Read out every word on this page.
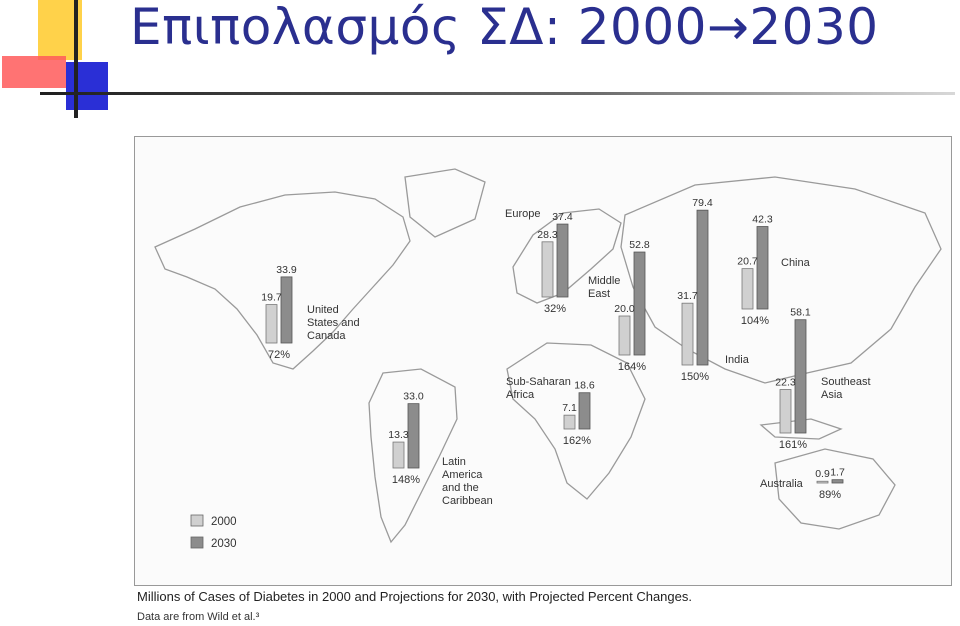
Επιπολασμός ΣΔ: 2000→2030
19.7
33.9
72%
United
States and
Canada
28.3
37.4
32%
Europe
20.0
52.8
164%
Middle
East	31.7
79.4
150%
India
20.7
42.3
104%
China
22.3
58.1
161%
Southeast
Asia
7.1
18.6
162%
Sub-Saharan
Africa
13.3
33.0
148%
Latin
America
and the
Caribbean
0.9 1.7
89%
Australia
2000
2030
Millions of Cases of Diabetes in 2000 and Projections for 2030, with Projected Percent Changes.
Data are from Wild et al.³
